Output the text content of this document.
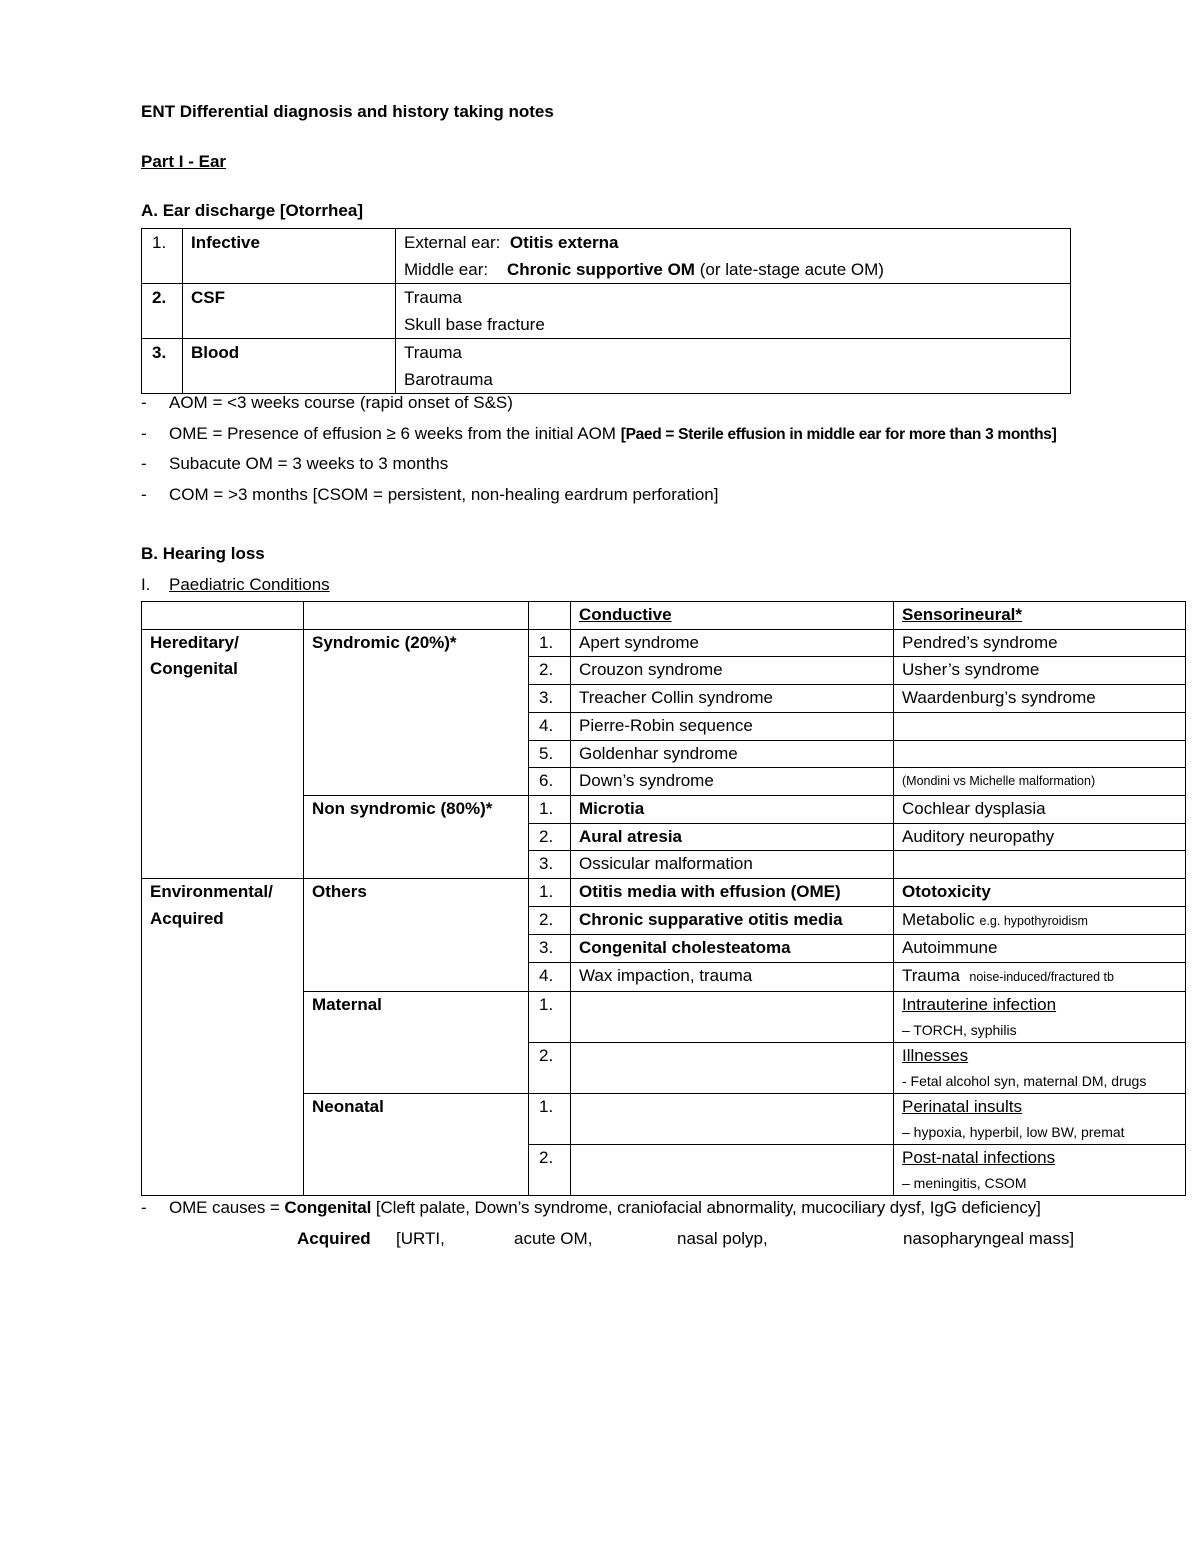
ENT Differential diagnosis and history taking notes
Part I - Ear
A. Ear discharge [Otorrhea]
1.	Infective	External ear: Otitis externa
Middle ear: Chronic supportive OM (or late-stage acute OM)

2.	CSF	Trauma
Skull base fracture

3.	Blood	Trauma
Barotrauma
- AOM = <3 weeks course (rapid onset of S&S)
- OME = Presence of effusion ≥ 6 weeks from the initial AOM [Paed = Sterile effusion in middle ear for more than 3 months]
- Subacute OM = 3 weeks to 3 months
- COM = >3 months [CSOM = persistent, non-healing eardrum perforation]
B. Hearing loss
I. Paediatric Conditions
			Conductive	Sensorineural*
Hereditary/ Congenital	Syndromic (20%)*	1.	Apert syndrome	Pendred’s syndrome
		2.	Crouzon syndrome	Usher’s syndrome
		3.	Treacher Collin syndrome	Waardenburg’s syndrome
		4.	Pierre-Robin sequence	
		5.	Goldenhar syndrome	
		6.	Down’s syndrome	(Mondini vs Michelle malformation)
	Non syndromic (80%)*	1.	Microtia	Cochlear dysplasia
		2.	Aural atresia	Auditory neuropathy
		3.	Ossicular malformation	
Environmental/ Acquired	Others	1.	Otitis media with effusion (OME)	Ototoxicity
		2.	Chronic supparative otitis media	Metabolic e.g. hypothyroidism
		3.	Congenital cholesteatoma	Autoimmune
		4.	Wax impaction, trauma	Trauma noise-induced/fractured tb
	Maternal	1.		Intrauterine infection
– TORCH, syphilis

		2.		Illnesses
- Fetal alcohol syn, maternal DM, drugs

	Neonatal	1.		Perinatal insults
– hypoxia, hyperbil, low BW, premat

		2.		Post-natal infections
– meningitis, CSOM
- OME causes = Congenital [Cleft palate, Down’s syndrome, craniofacial abnormality, mucociliary dysf, IgG deficiency]
Acquired [URTI,	acute OM,	nasal polyp,	nasopharyngeal mass]
